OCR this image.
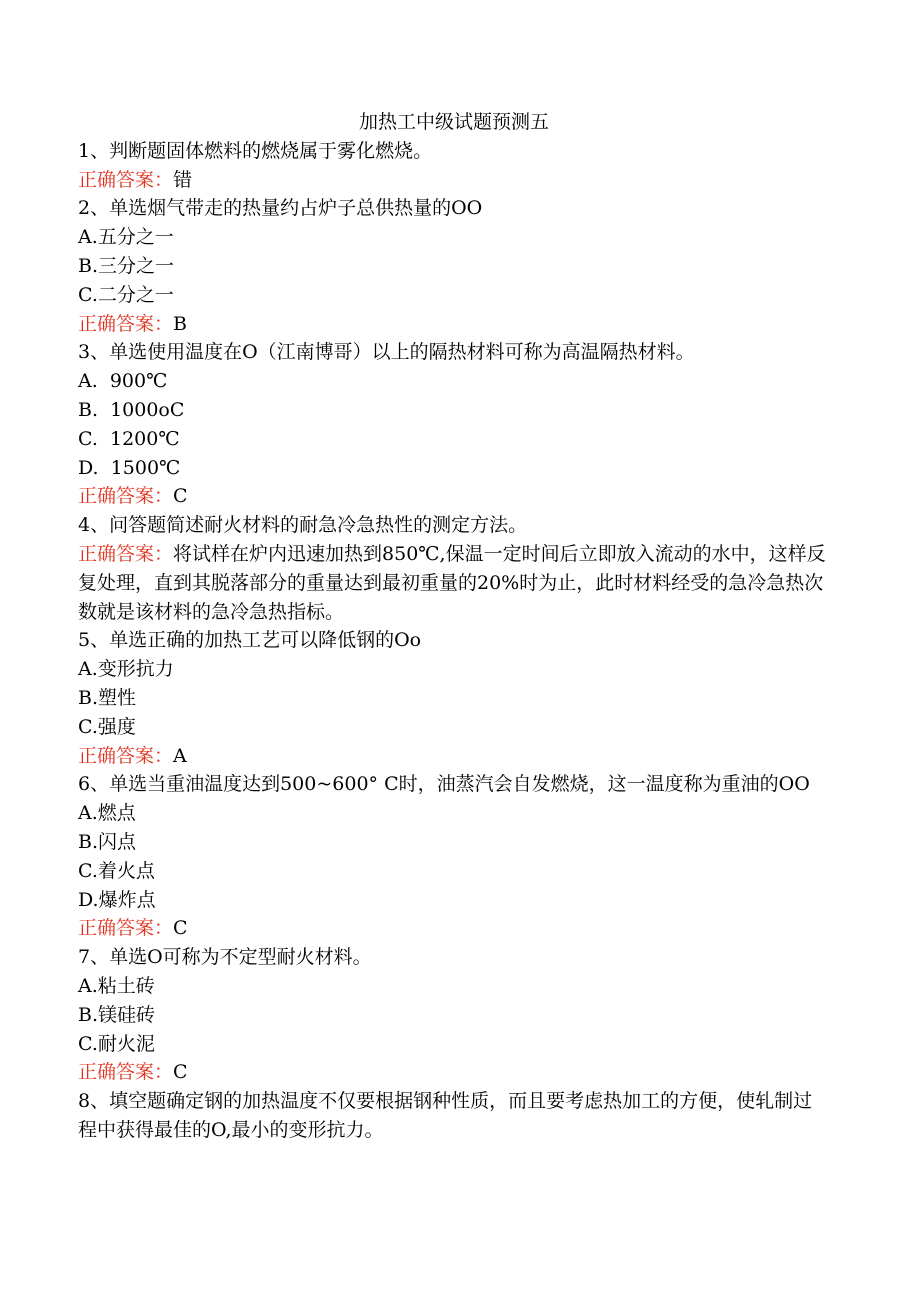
加热工中级试题预测五

1、判断题固体燃料的燃烧属于雾化燃烧。

正确答案：错

2、单选烟气带走的热量约占炉子总供热量的OO

A.五分之一

B.三分之一

C.二分之一

正确答案：B

3、单选使用温度在O（江南博哥）以上的隔热材料可称为高温隔热材料。

A.  900℃

B.  1000oC

C.  1200℃

D.  1500℃

正确答案：C

4、问答题简述耐火材料的耐急冷急热性的测定方法。

正确答案：将试样在炉内迅速加热到850℃,保温一定时间后立即放入流动的水中，这样反复处理，直到其脱落部分的重量达到最初重量的20%时为止，此时材料经受的急冷急热次数就是该材料的急冷急热指标。

5、单选正确的加热工艺可以降低钢的Oo

A.变形抗力

B.塑性

C.强度

正确答案：A

6、单选当重油温度达到500~600° C时，油蒸汽会自发燃烧，这一温度称为重油的OO

A.燃点

B.闪点

C.着火点

D.爆炸点

正确答案：C

7、单选O可称为不定型耐火材料。

A.粘土砖

B.镁硅砖

C.耐火泥

正确答案：C

8、填空题确定钢的加热温度不仅要根据钢种性质，而且要考虑热加工的方便，使轧制过程中获得最佳的O,最小的变形抗力。
